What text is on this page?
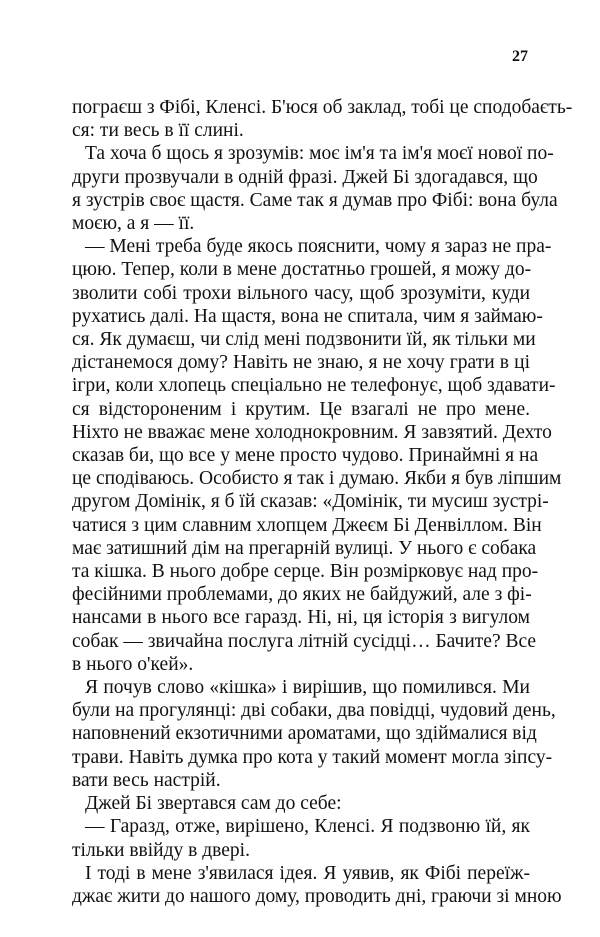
27
пограєш з Фібі, Кленсі. Б'юся об заклад, тобі це сподобаєть-
ся: ти весь в її слині.
Та хоча б щось я зрозумів: моє ім'я та ім'я моєї нової по-
други прозвучали в одній фразі. Джей Бі здогадався, що
я зустрів своє щастя. Саме так я думав про Фібі: вона була
моєю, а я — її.
— Мені треба буде якось пояснити, чому я зараз не пра-
цюю. Тепер, коли в мене достатньо грошей, я можу до-
зволити собі трохи вільного часу, щоб зрозуміти, куди
рухатись далі. На щастя, вона не спитала, чим я займаю-
ся. Як думаєш, чи слід мені подзвонити їй, як тільки ми
дістанемося дому? Навіть не знаю, я не хочу грати в ці
ігри, коли хлопець спеціально не телефонує, щоб здавати-
ся відстороненим і крутим. Це взагалі не про мене.
Ніхто не вважає мене холоднокровним. Я завзятий. Дехто
сказав би, що все у мене просто чудово. Принаймні я на
це сподіваюсь. Особисто я так і думаю. Якби я був ліпшим
другом Домінік, я б їй сказав: «Домінік, ти мусиш зустрі-
чатися з цим славним хлопцем Джеєм Бі Денвіллом. Він
має затишний дім на прегарній вулиці. У нього є собака
та кішка. В нього добре серце. Він розмірковує над про-
фесійними проблемами, до яких не байдужий, але з фі-
нансами в нього все гаразд. Ні, ні, ця історія з вигулом
собак — звичайна послуга літній сусідці… Бачите? Все
в нього о'кей».
Я почув слово «кішка» і вирішив, що помилився. Ми
були на прогулянці: дві собаки, два повідці, чудовий день,
наповнений екзотичними ароматами, що здіймалися від
трави. Навіть думка про кота у такий момент могла зіпсу-
вати весь настрій.
Джей Бі звертався сам до себе:
— Гаразд, отже, вирішено, Кленсі. Я подзвоню їй, як
тільки ввійду в двері.
І тоді в мене з'явилася ідея. Я уявив, як Фібі переїж-
джає жити до нашого дому, проводить дні, граючи зі мною
